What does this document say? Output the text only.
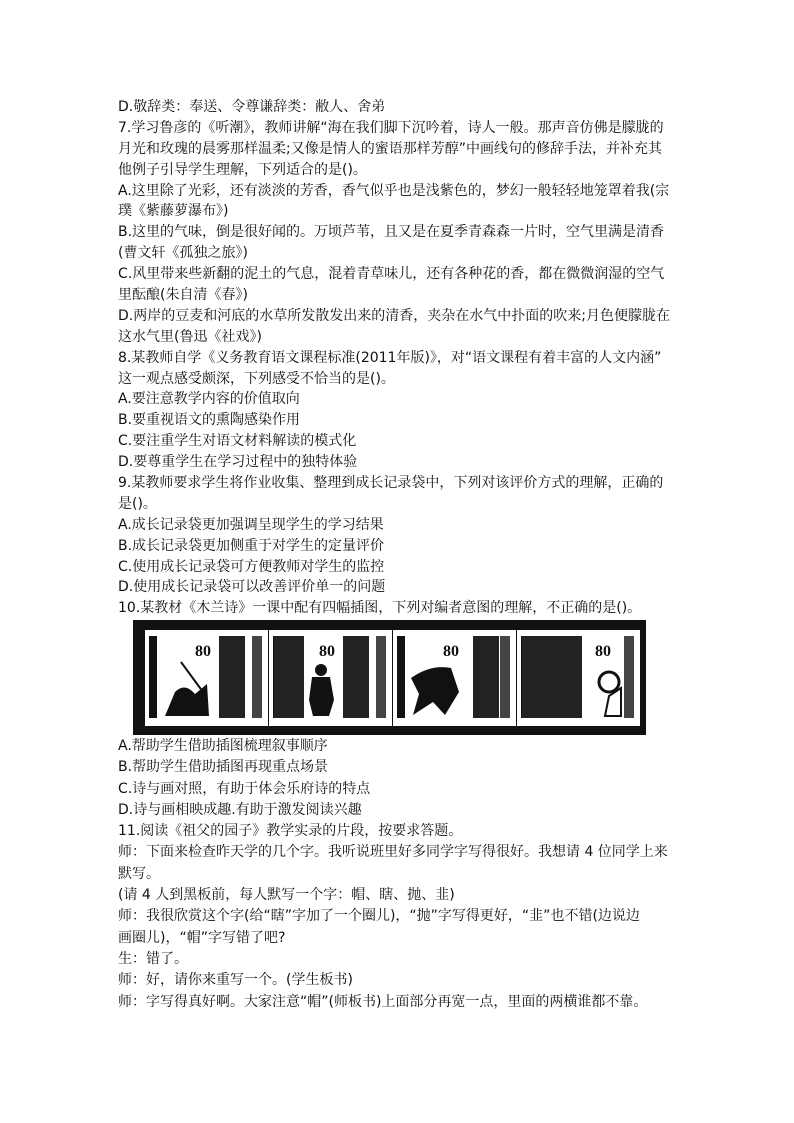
D.敬辞类：奉送、令尊谦辞类：敝人、舍弟
7.学习鲁彦的《听潮》，教师讲解“海在我们脚下沉吟着，诗人一般。那声音仿佛是朦胧的
月光和玫瑰的晨雾那样温柔;又像是情人的蜜语那样芳醇”中画线句的修辞手法，并补充其
他例子引导学生理解，下列适合的是()。
A.这里除了光彩，还有淡淡的芳香，香气似乎也是浅紫色的，梦幻一般轻轻地笼罩着我(宗
璞《紫藤萝瀑布》)
B.这里的气味，倒是很好闻的。万顷芦苇，且又是在夏季青森森一片时，空气里满是清香
(曹文轩《孤独之旅》)
C.风里带来些新翻的泥土的气息，混着青草味儿，还有各种花的香，都在微微润湿的空气
里酝酿(朱自清《春》)
D.两岸的豆麦和河底的水草所发散发出来的清香，夹杂在水气中扑面的吹来;月色便朦胧在
这水气里(鲁迅《社戏》)
8.某教师自学《义务教育语文课程标准(2011年版)》，对“语文课程有着丰富的人文内涵”
这一观点感受颇深，下列感受不恰当的是()。
A.要注意教学内容的价值取向
B.要重视语文的熏陶感染作用
C.要注重学生对语文材料解读的模式化
D.要尊重学生在学习过程中的独特体验
9.某教师要求学生将作业收集、整理到成长记录袋中，下列对该评价方式的理解，正确的
是()。
A.成长记录袋更加强调呈现学生的学习结果
B.成长记录袋更加侧重于对学生的定量评价
C.使用成长记录袋可方便教师对学生的监控
D.使用成长记录袋可以改善评价单一的问题
10.某教材《木兰诗》一课中配有四幅插图，下列对编者意图的理解，不正确的是()。
80	80	80	80
A.帮助学生借助插图梳理叙事顺序
B.帮助学生借助插图再现重点场景
C.诗与画对照，有助于体会乐府诗的特点
D.诗与画相映成趣.有助于激发阅读兴趣
11.阅读《祖父的园子》教学实录的片段，按要求答题。
师：下面来检查昨天学的几个字。我听说班里好多同学字写得很好。我想请 4 位同学上来
默写。
(请 4 人到黑板前，每人默写一个字：帽、瞎、抛、韭)
师：我很欣赏这个字(给“瞎”字加了一个圈儿)，“抛”字写得更好，“韭”也不错(边说边
画圈儿)，“帽”字写错了吧?
生：错了。
师：好，请你来重写一个。(学生板书)
师：字写得真好啊。大家注意“帽”(师板书)上面部分再宽一点，里面的两横谁都不靠。
